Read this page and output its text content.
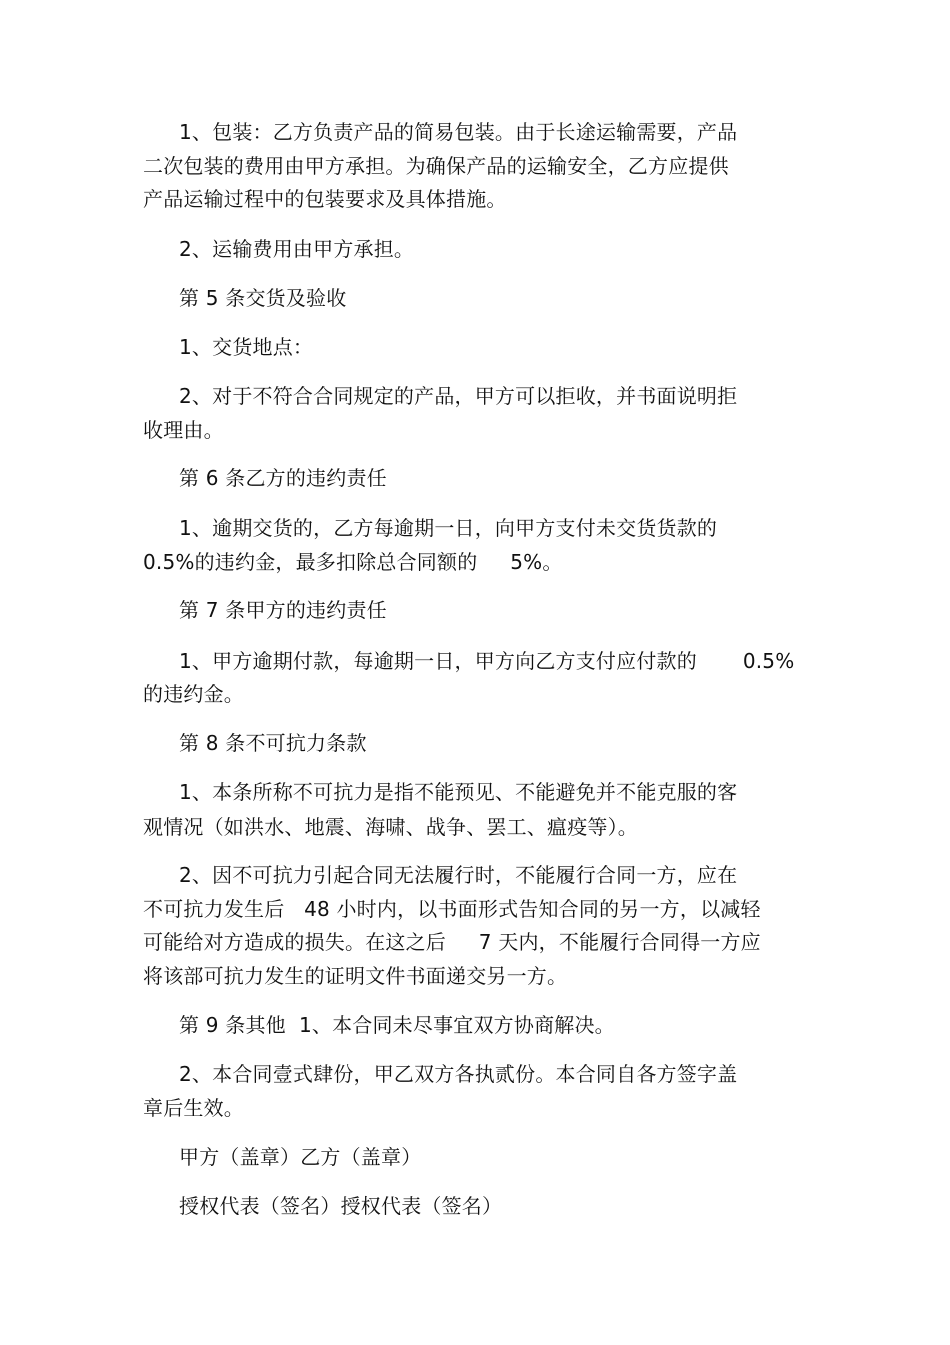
1、包装：乙方负责产品的简易包装。由于长途运输需要，产品
二次包装的费用由甲方承担。为确保产品的运输安全，乙方应提供
产品运输过程中的包装要求及具体措施。
2、运输费用由甲方承担。
第 5 条交货及验收
1、交货地点：
2、对于不符合合同规定的产品，甲方可以拒收，并书面说明拒
收理由。
第 6 条乙方的违约责任
1、逾期交货的，乙方每逾期一日，向甲方支付未交货货款的
0.5%的违约金，最多扣除总合同额的     5%。
第 7 条甲方的违约责任
1、甲方逾期付款，每逾期一日，甲方向乙方支付应付款的       0.5%
的违约金。
第 8 条不可抗力条款
1、本条所称不可抗力是指不能预见、不能避免并不能克服的客
观情况（如洪水、地震、海啸、战争、罢工、瘟疫等）。
2、因不可抗力引起合同无法履行时，不能履行合同一方，应在
不可抗力发生后   48 小时内，以书面形式告知合同的另一方，以减轻
可能给对方造成的损失。在这之后     7 天内，不能履行合同得一方应
将该部可抗力发生的证明文件书面递交另一方。
第 9 条其他  1、本合同未尽事宜双方协商解决。
2、本合同壹式肆份，甲乙双方各执贰份。本合同自各方签字盖
章后生效。
甲方（盖章）乙方（盖章）
授权代表（签名）授权代表（签名）
